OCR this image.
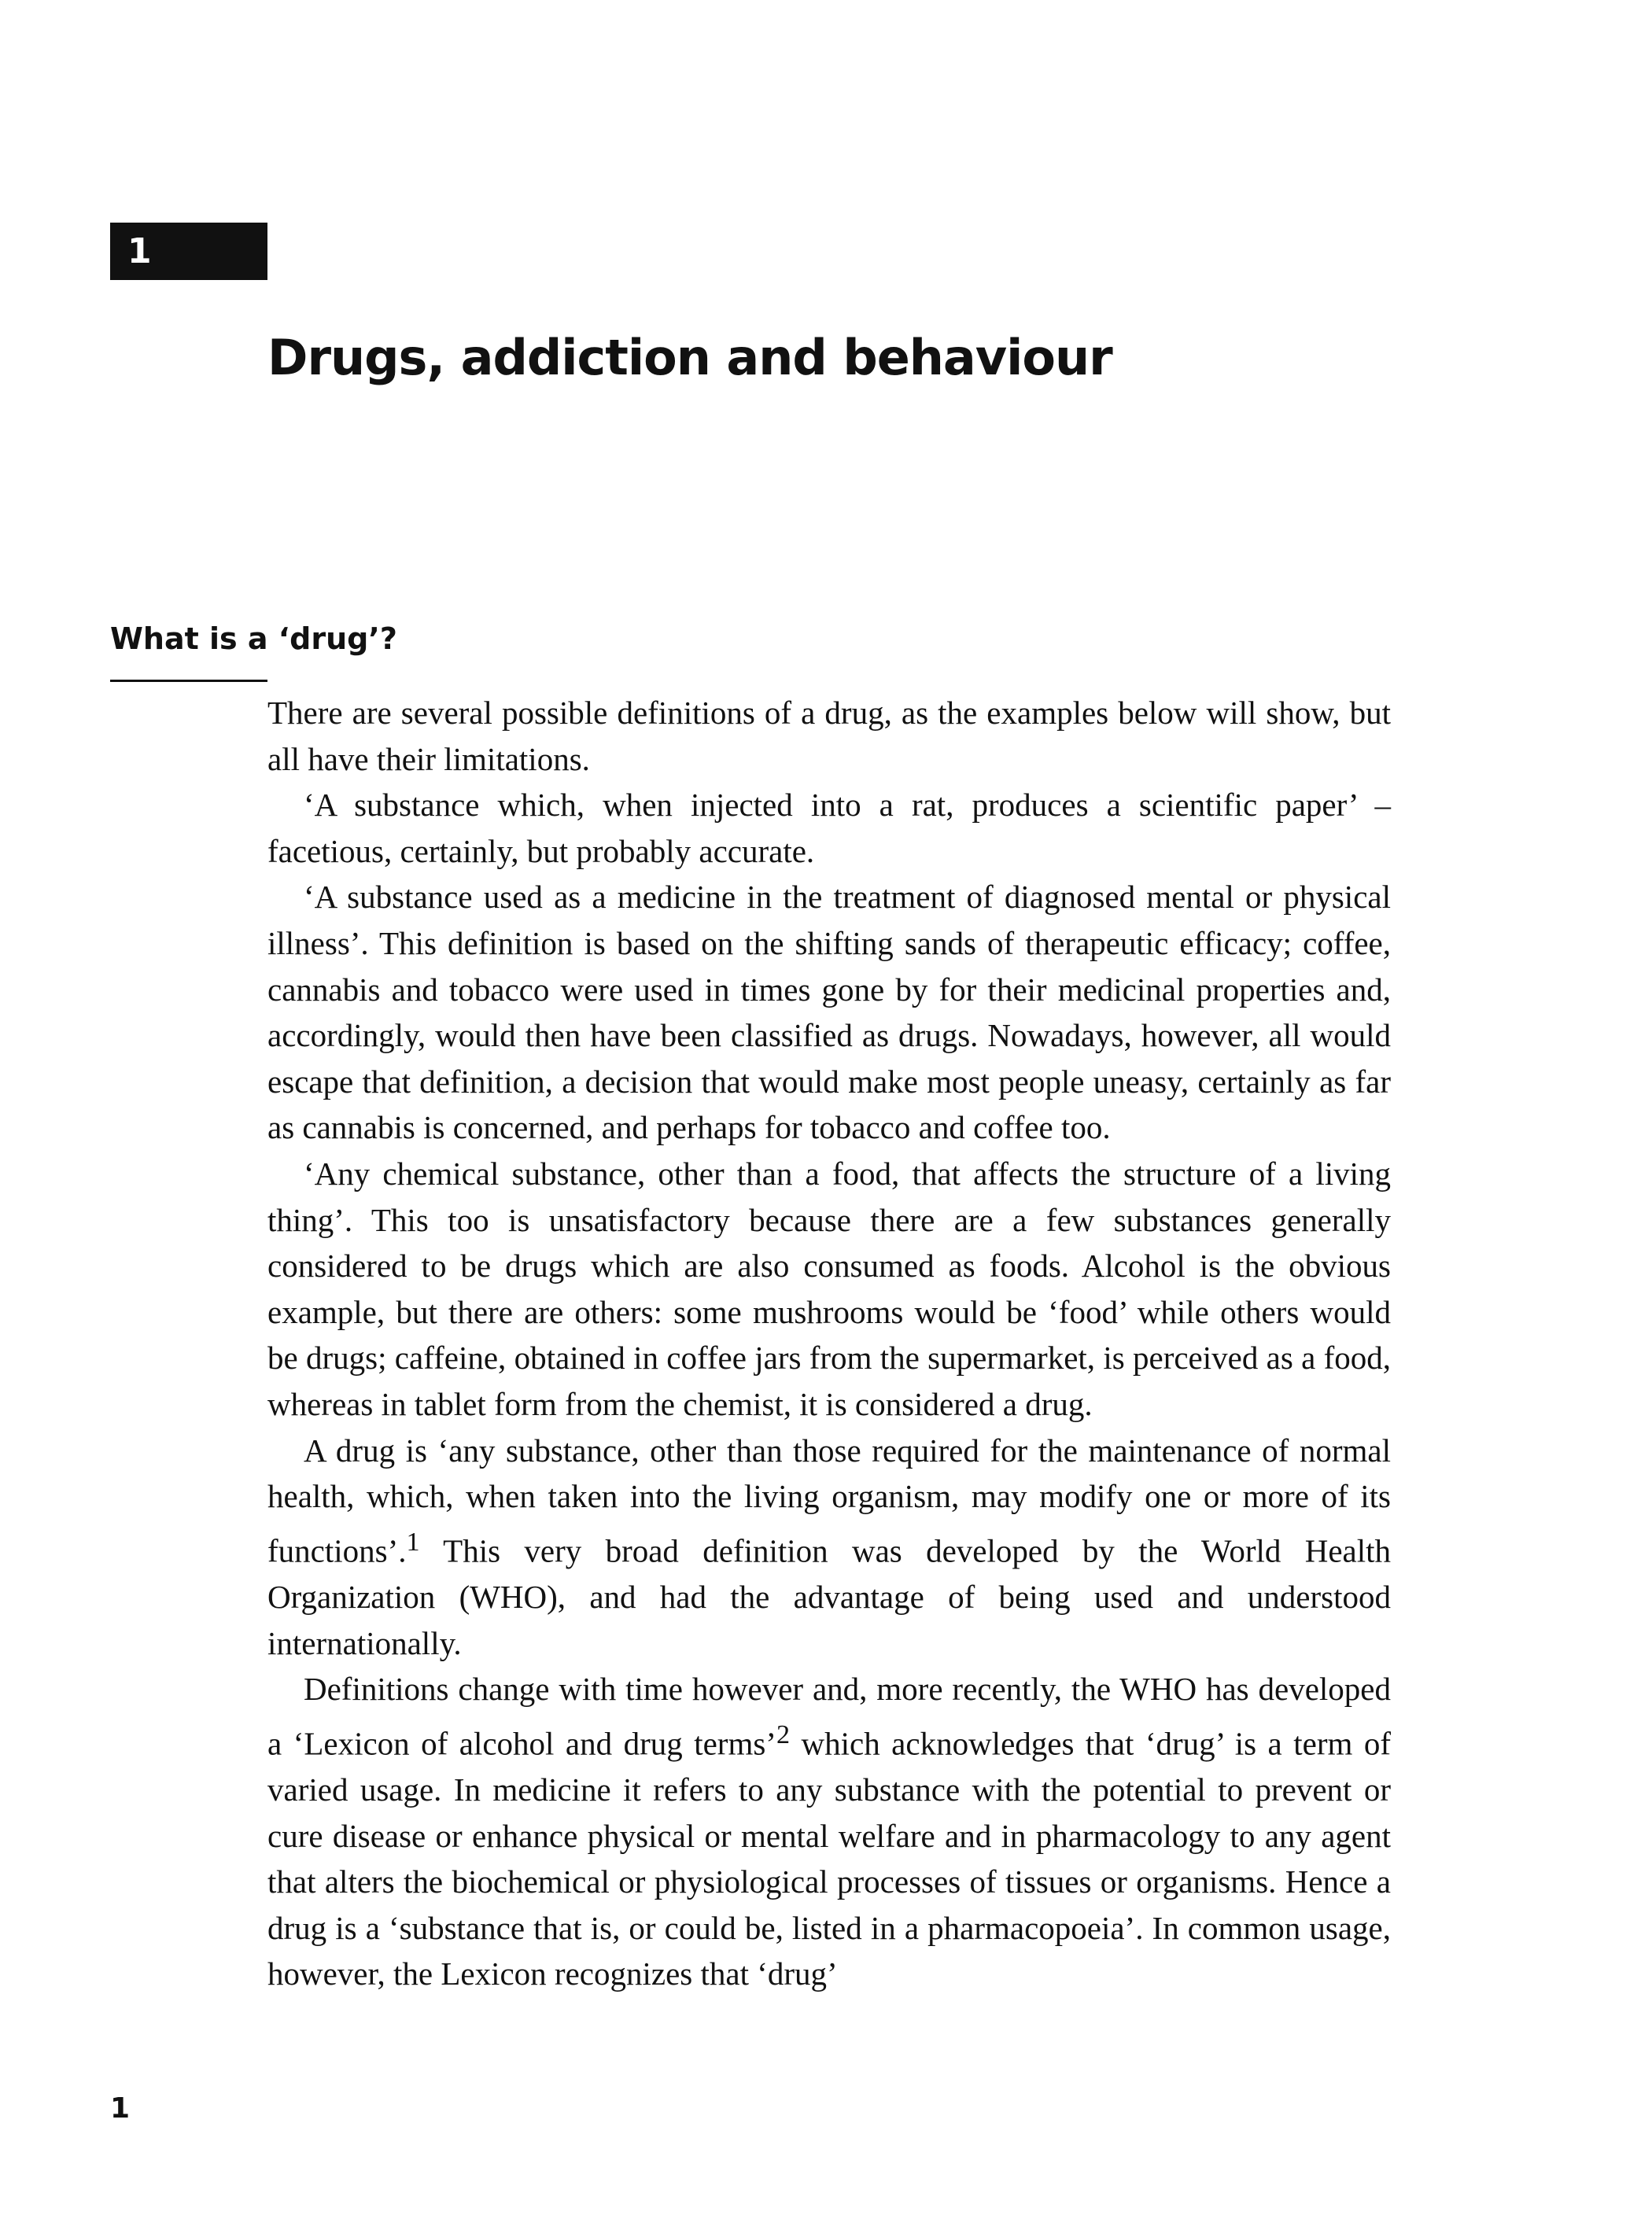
1
Drugs, addiction and behaviour
What is a ‘drug’?

There are several possible definitions of a drug, as the examples below will show, but all have their limitations.

‘A substance which, when injected into a rat, produces a scientific paper’ – facetious, certainly, but probably accurate.

‘A substance used as a medicine in the treatment of diagnosed mental or physical illness’. This definition is based on the shifting sands of therapeutic efficacy; coffee, cannabis and tobacco were used in times gone by for their medicinal properties and, accordingly, would then have been classified as drugs. Nowadays, however, all would escape that definition, a decision that would make most people uneasy, certainly as far as cannabis is concerned, and perhaps for tobacco and coffee too.

‘Any chemical substance, other than a food, that affects the structure of a living thing’. This too is unsatisfactory because there are a few substances generally considered to be drugs which are also consumed as foods. Alcohol is the obvious example, but there are others: some mushrooms would be ‘food’ while others would be drugs; caffeine, obtained in coffee jars from the supermarket, is perceived as a food, whereas in tablet form from the chemist, it is considered a drug.

A drug is ‘any substance, other than those required for the maintenance of normal health, which, when taken into the living organism, may modify one or more of its functions’.$^1$ This very broad definition was developed by the World Health Organization (WHO), and had the advantage of being used and understood internationally.

Definitions change with time however and, more recently, the WHO has developed a ‘Lexicon of alcohol and drug terms’$^2$ which acknowledges that ‘drug’ is a term of varied usage. In medicine it refers to any substance with the potential to prevent or cure disease or enhance physical or mental welfare and in pharmacology to any agent that alters the biochemical or physiological processes of tissues or organisms. Hence a drug is a ‘substance that is, or could be, listed in a pharmacopoeia’. In common usage, however, the Lexicon recognizes that ‘drug’

1
